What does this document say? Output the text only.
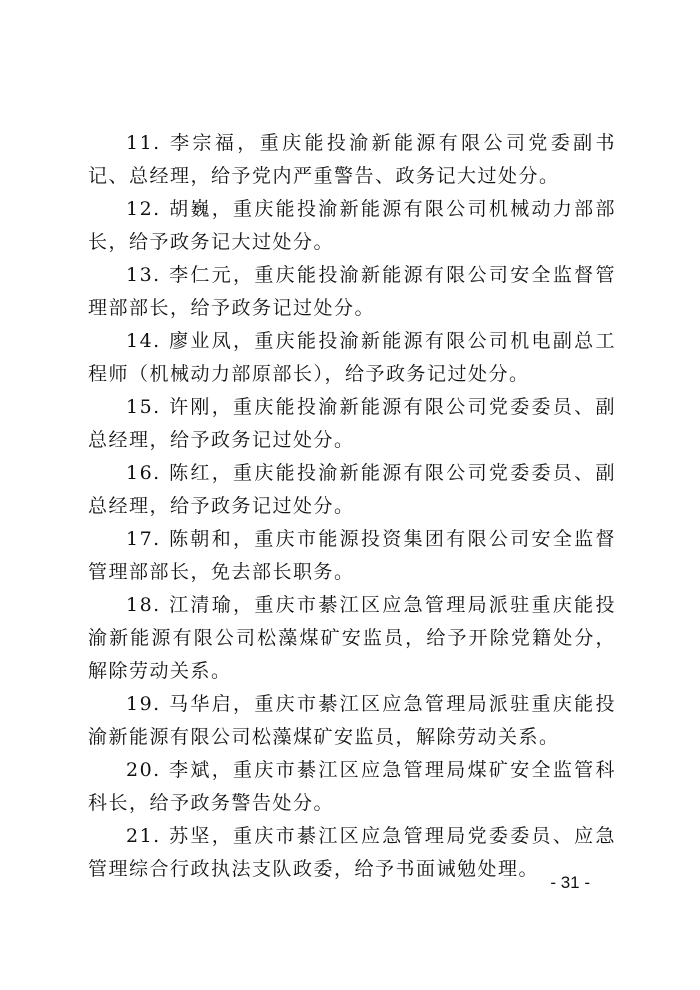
11. 李宗福，重庆能投渝新能源有限公司党委副书记、总经理，给予党内严重警告、政务记大过处分。

12. 胡巍，重庆能投渝新能源有限公司机械动力部部长，给予政务记大过处分。

13. 李仁元，重庆能投渝新能源有限公司安全监督管理部部长，给予政务记过处分。

14. 廖业凤，重庆能投渝新能源有限公司机电副总工程师（机械动力部原部长），给予政务记过处分。

15. 许刚，重庆能投渝新能源有限公司党委委员、副总经理，给予政务记过处分。

16. 陈红，重庆能投渝新能源有限公司党委委员、副总经理，给予政务记过处分。

17. 陈朝和，重庆市能源投资集团有限公司安全监督管理部部长，免去部长职务。

18. 江清瑜，重庆市綦江区应急管理局派驻重庆能投渝新能源有限公司松藻煤矿安监员，给予开除党籍处分，解除劳动关系。

19. 马华启，重庆市綦江区应急管理局派驻重庆能投渝新能源有限公司松藻煤矿安监员，解除劳动关系。

20. 李斌，重庆市綦江区应急管理局煤矿安全监管科科长，给予政务警告处分。

21. 苏坚，重庆市綦江区应急管理局党委委员、应急管理综合行政执法支队政委，给予书面诫勉处理。

- 31 -
